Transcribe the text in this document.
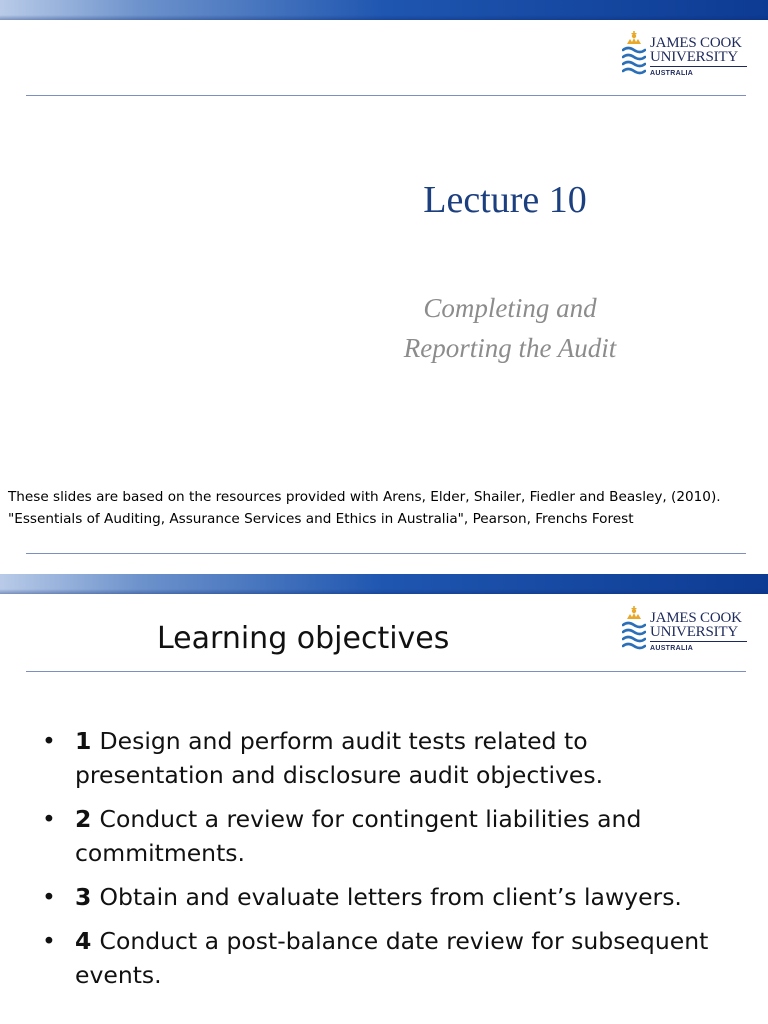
JAMES COOK
UNIVERSITY
AUSTRALIA
Lecture 10
Completing and Reporting the Audit
These slides are based on the resources provided with Arens, Elder, Shailer, Fiedler and Beasley, (2010). "Essentials of Auditing, Assurance Services and Ethics in Australia", Pearson, Frenchs Forest
JAMES COOK
UNIVERSITY
AUSTRALIA
Learning objectives
• 1 Design and perform audit tests related to presentation and disclosure audit objectives.
• 2 Conduct a review for contingent liabilities and commitments.
• 3 Obtain and evaluate letters from client’s lawyers.
• 4 Conduct a post-balance date review for subsequent events.
